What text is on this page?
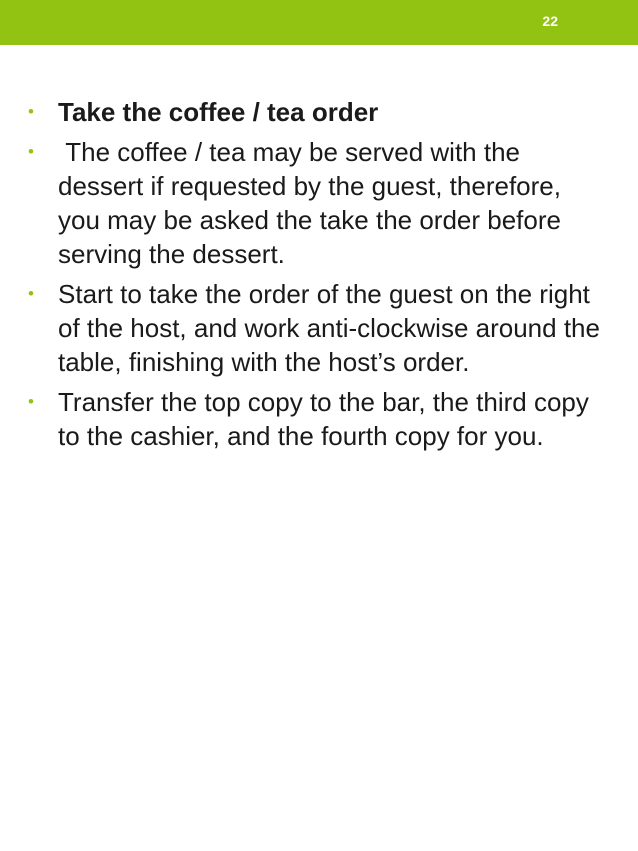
22
• Take the coffee / tea order
• The coffee / tea may be served with the dessert if requested by the guest, therefore, you may be asked the take the order before serving the dessert.
• Start to take the order of the guest on the right of the host, and work anti-clockwise around the table, finishing with the host’s order.
• Transfer the top copy to the bar, the third copy to the cashier, and the fourth copy for you.
